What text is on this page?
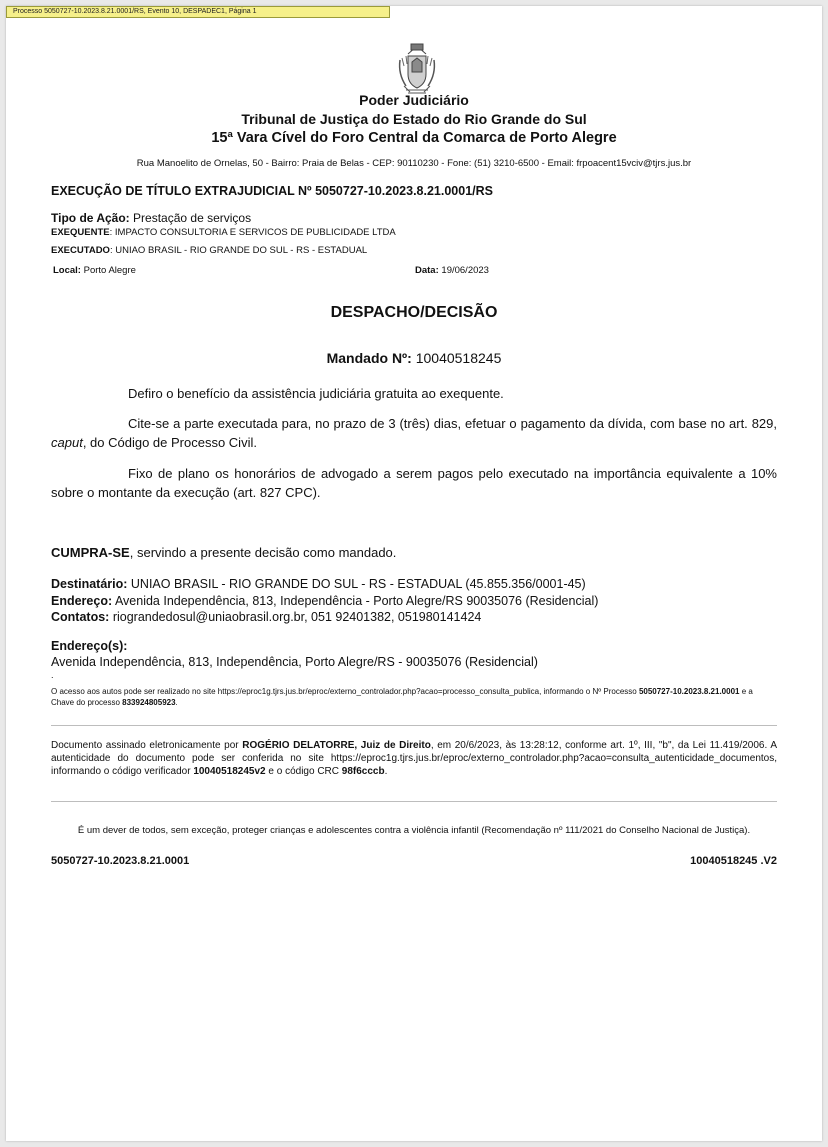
Processo 5050727-10.2023.8.21.0001/RS, Evento 10, DESPADEC1, Página 1
Poder Judiciário
Tribunal de Justiça do Estado do Rio Grande do Sul
15ª Vara Cível do Foro Central da Comarca de Porto Alegre
Rua Manoelito de Ornelas, 50 - Bairro: Praia de Belas - CEP: 90110230 - Fone: (51) 3210-6500 - Email: frpoacent15vciv@tjrs.jus.br
EXECUÇÃO DE TÍTULO EXTRAJUDICIAL Nº 5050727-10.2023.8.21.0001/RS
Tipo de Ação: Prestação de serviços
EXEQUENTE: IMPACTO CONSULTORIA E SERVICOS DE PUBLICIDADE LTDA
EXECUTADO: UNIAO BRASIL - RIO GRANDE DO SUL - RS - ESTADUAL
Local: Porto Alegre	Data: 19/06/2023
DESPACHO/DECISÃO
Mandado Nº: 10040518245
Defiro o benefício da assistência judiciária gratuita ao exequente.
Cite-se a parte executada para, no prazo de 3 (três) dias, efetuar o pagamento da dívida, com base no art. 829, caput, do Código de Processo Civil.
Fixo de plano os honorários de advogado a serem pagos pelo executado na importância equivalente a 10% sobre o montante da execução (art. 827 CPC).
CUMPRA-SE, servindo a presente decisão como mandado.
Destinatário: UNIAO BRASIL - RIO GRANDE DO SUL - RS - ESTADUAL (45.855.356/0001-45)
Endereço: Avenida Independência, 813, Independência - Porto Alegre/RS 90035076 (Residencial)
Contatos: riograndedosul@uniaobrasil.org.br, 051 92401382, 051980141424
Endereço(s):
Avenida Independência, 813, Independência, Porto Alegre/RS - 90035076 (Residencial)
.
O acesso aos autos pode ser realizado no site https://eproc1g.tjrs.jus.br/eproc/externo_controlador.php?acao=processo_consulta_publica, informando o Nº Processo 5050727-10.2023.8.21.0001 e a Chave do processo 833924805923.
Documento assinado eletronicamente por ROGÉRIO DELATORRE, Juiz de Direito, em 20/6/2023, às 13:28:12, conforme art. 1º, III, "b", da Lei 11.419/2006. A autenticidade do documento pode ser conferida no site https://eproc1g.tjrs.jus.br/eproc/externo_controlador.php?acao=consulta_autenticidade_documentos, informando o código verificador 10040518245v2 e o código CRC 98f6cccb.
É um dever de todos, sem exceção, proteger crianças e adolescentes contra a violência infantil (Recomendação nº 111/2021 do Conselho Nacional de Justiça).
5050727-10.2023.8.21.0001	10040518245 .V2
